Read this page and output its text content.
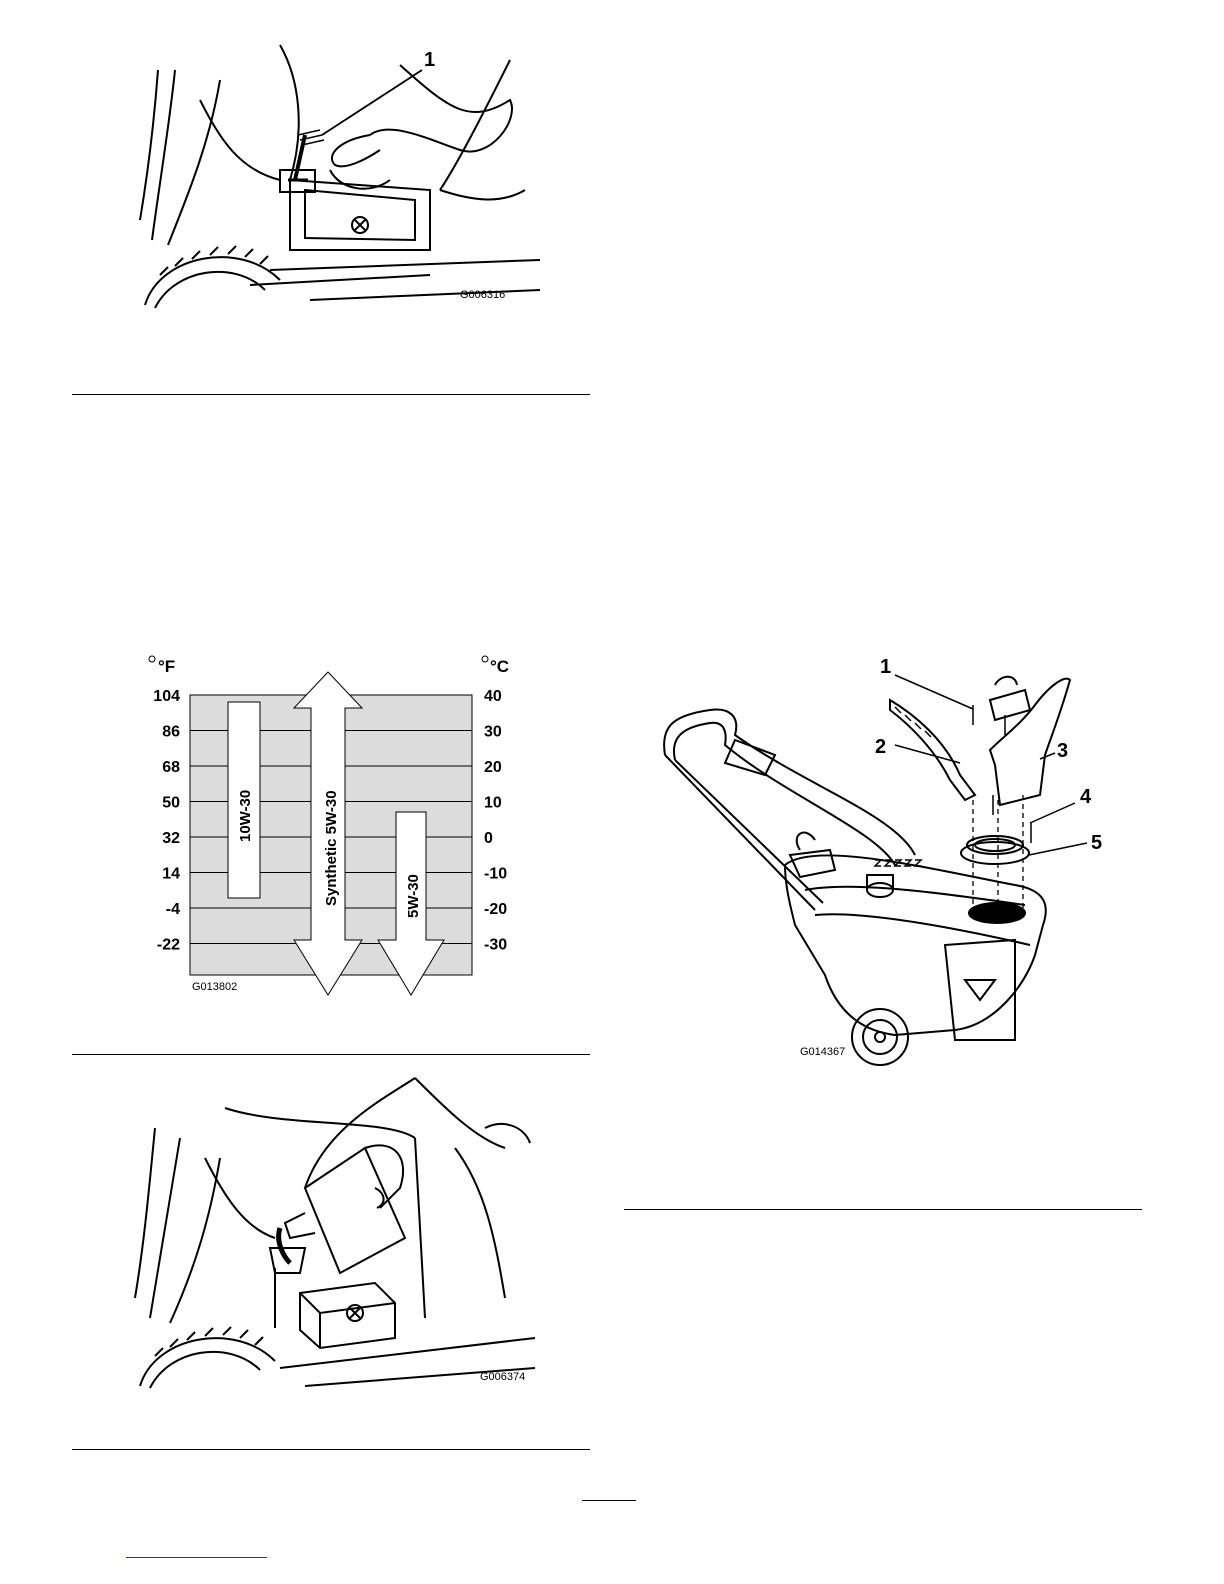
1
G006316
104	40
86	30
68	20
50	10
32	0
14	-10
-4	-20
-22	-30
°F	°C
10W-30	Synthetic 5W-30	5W-30
G013802
G006374
1
2	3
4
5
G014367
